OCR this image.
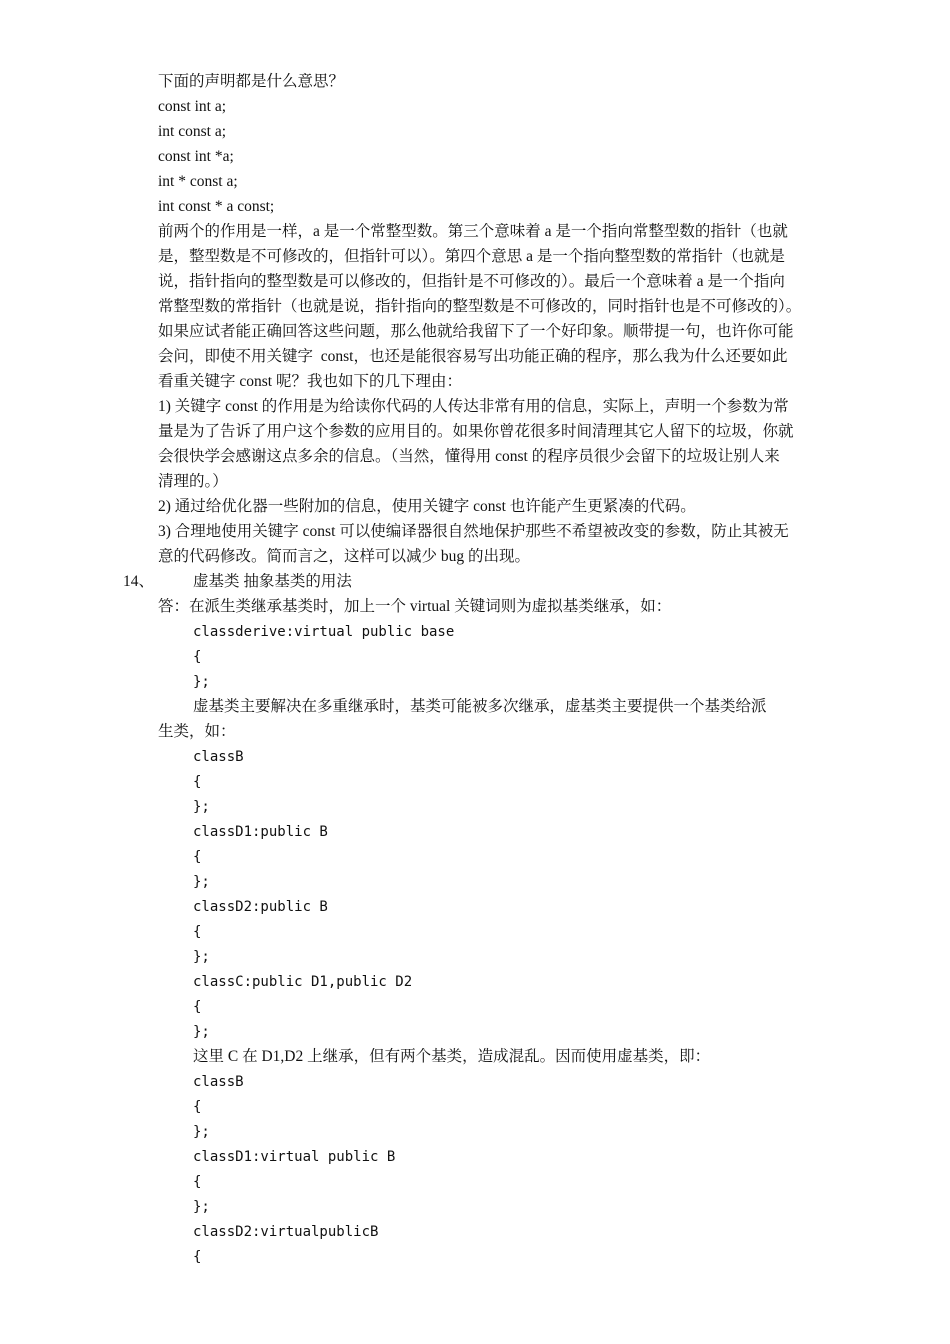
下面的声明都是什么意思？
const int a;
int const a;
const int *a;
int * const a;
int const * a const;
前两个的作用是一样，a 是一个常整型数。第三个意味着 a 是一个指向常整型数的指针（也就
是，整型数是不可修改的，但指针可以）。第四个意思 a 是一个指向整型数的常指针（也就是
说，指针指向的整型数是可以修改的，但指针是不可修改的）。最后一个意味着 a 是一个指向
常整型数的常指针（也就是说，指针指向的整型数是不可修改的，同时指针也是不可修改的）。
如果应试者能正确回答这些问题，那么他就给我留下了一个好印象。顺带提一句，也许你可能
会问，即使不用关键字  const，也还是能很容易写出功能正确的程序，那么我为什么还要如此
看重关键字 const 呢？我也如下的几下理由：
1) 关键字 const 的作用是为给读你代码的人传达非常有用的信息，实际上，声明一个参数为常
量是为了告诉了用户这个参数的应用目的。如果你曾花很多时间清理其它人留下的垃圾，你就
会很快学会感谢这点多余的信息。（当然，懂得用 const 的程序员很少会留下的垃圾让别人来
清理的。）
2) 通过给优化器一些附加的信息，使用关键字 const 也许能产生更紧凑的代码。
3) 合理地使用关键字 const 可以使编译器很自然地保护那些不希望被改变的参数，防止其被无
意的代码修改。简而言之，这样可以减少 bug 的出现。
14、	虚基类 抽象基类的用法
答：在派生类继承基类时，加上一个 virtual 关键词则为虚拟基类继承，如：
classderive:virtual public base
{
};
虚基类主要解决在多重继承时，基类可能被多次继承，虚基类主要提供一个基类给派
生类，如：
classB
{
};
classD1:public B
{
};
classD2:public B
{
};
classC:public D1,public D2
{
};
这里 C 在 D1,D2 上继承，但有两个基类，造成混乱。因而使用虚基类，即：
classB
{
};
classD1:virtual public B
{
};
classD2:virtualpublicB
{
